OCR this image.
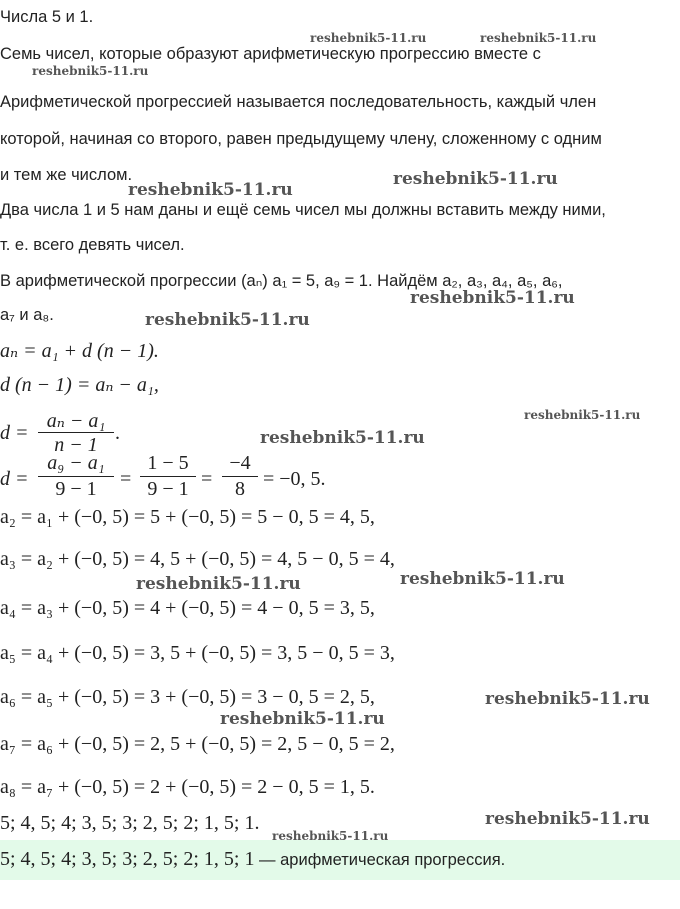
Числа 5 и 1.
Семь чисел, которые образуют арифметическую прогрессию вместе с
Арифметической прогрессией называется последовательность, каждый член
которой, начиная со второго, равен предыдущему члену, сложенному с одним
и тем же числом.
Два числа 1 и 5 нам даны и ещё семь чисел мы должны вставить между ними,
т. е. всего девять чисел.
В арифметической прогрессии (aₙ) a₁ = 5, a₉ = 1. Найдём a₂, a₃, a₄, a₅, a₆,
a₇ и a₈.
aₙ = a₁ + d (n − 1).
d (n − 1) = aₙ − a₁,
d =
aₙ − a₁
n − 1
.
d =
a₉ − a₁
9 − 1	=
1 − 5
9 − 1 =
−4
8 = −0, 5.
a₂ = a₁ + (−0, 5) = 5 + (−0, 5) = 5 − 0, 5 = 4, 5,
a₃ = a₂ + (−0, 5) = 4, 5 + (−0, 5) = 4, 5 − 0, 5 = 4,
a₄ = a₃ + (−0, 5) = 4 + (−0, 5) = 4 − 0, 5 = 3, 5,
a₅ = a₄ + (−0, 5) = 3, 5 + (−0, 5) = 3, 5 − 0, 5 = 3,
a₆ = a₅ + (−0, 5) = 3 + (−0, 5) = 3 − 0, 5 = 2, 5,
a₇ = a₆ + (−0, 5) = 2, 5 + (−0, 5) = 2, 5 − 0, 5 = 2,
a₈ = a₇ + (−0, 5) = 2 + (−0, 5) = 2 − 0, 5 = 1, 5.
5; 4, 5; 4; 3, 5; 3; 2, 5; 2; 1, 5; 1.
5; 4, 5; 4; 3, 5; 3; 2, 5; 2; 1, 5; 1 — арифметическая прогрессия.
reshebnik5-11.ru	reshebnik5-11.ru
reshebnik5-11.ru
reshebnik5-11.ru
reshebnik5-11.ru
reshebnik5-11.ru
reshebnik5-11.ru
reshebnik5-11.ru
reshebnik5-11.ru
reshebnik5-11.ru	reshebnik5-11.ru
reshebnik5-11.ru
reshebnik5-11.ru
reshebnik5-11.ru
reshebnik5-11.ru
